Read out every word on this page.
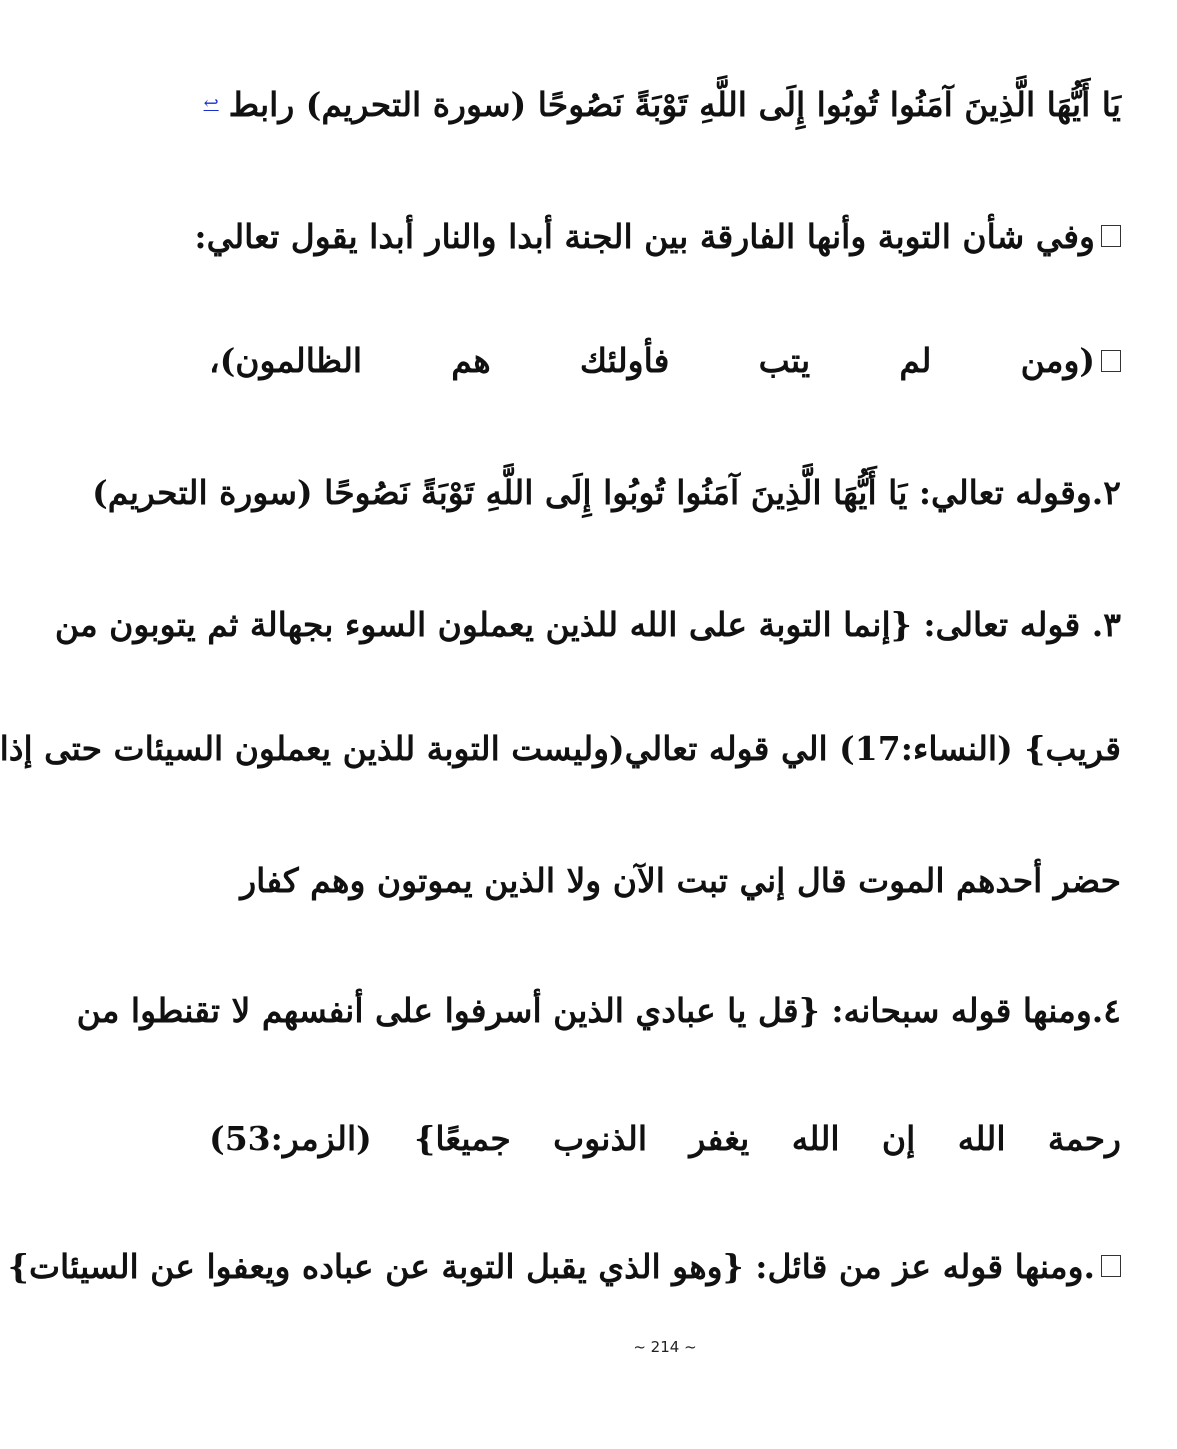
يَا أَيُّهَا الَّذِينَ آمَنُوا تُوبُوا إِلَى اللَّهِ تَوْبَةً نَصُوحًا (سورة التحريم) رابط
↩
وفي شأن التوبة وأنها الفارقة بين الجنة أبدا والنار أبدا يقول تعالي:
(ومن
لم
يتب
فأولئك
هم
الظالمون)،
٢.وقوله تعالي: يَا أَيُّهَا الَّذِينَ آمَنُوا تُوبُوا إِلَى اللَّهِ تَوْبَةً نَصُوحًا (سورة التحريم)
٣. قوله تعالى: {إنما التوبة على الله للذين يعملون السوء بجهالة ثم يتوبون من
قريب} (النساء:17) الي قوله تعالي(وليست التوبة للذين يعملون السيئات حتى إذا
حضر أحدهم الموت قال إني تبت الآن ولا الذين يموتون وهم كفار
٤.ومنها قوله سبحانه: {قل يا عبادي الذين أسرفوا على أنفسهم لا تقنطوا من
رحمة
الله
إن
الله
يغفر
الذنوب
جميعًا}
(الزمر:53)
.ومنها قوله عز من قائل: {وهو الذي يقبل التوبة عن عباده ويعفوا عن السيئات}
~ 214 ~
